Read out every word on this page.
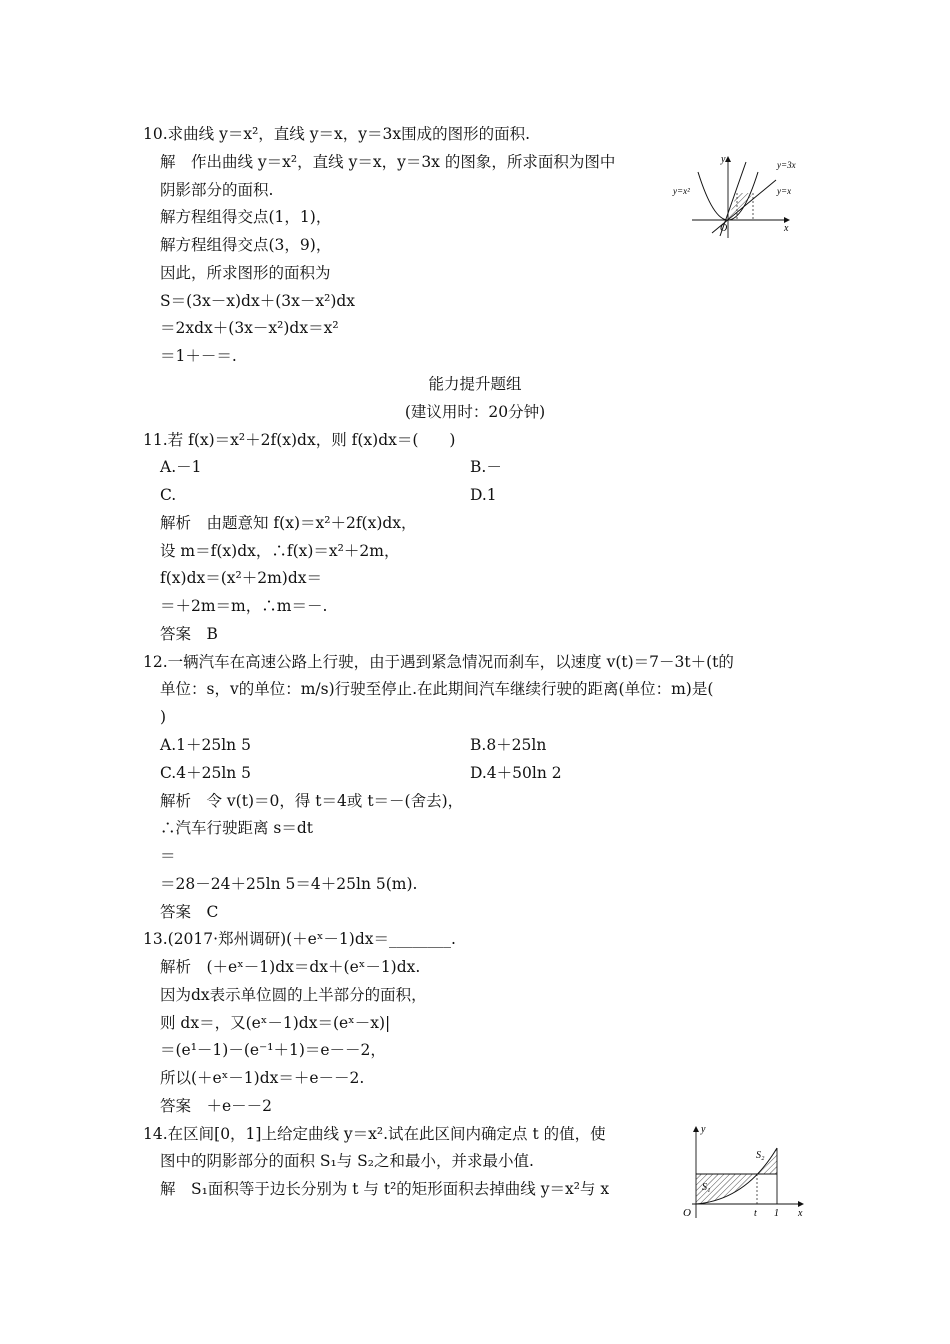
10.求曲线 y＝x²，直线 y＝x，y＝3x围成的图形的面积.
解　作出曲线 y＝x²，直线 y＝x，y＝3x 的图象，所求面积为图中
阴影部分的面积.
解方程组得交点(1，1)，
解方程组得交点(3，9)，
因此，所求图形的面积为
S＝(3x－x)dx＋(3x－x²)dx
＝2xdx＋(3x－x²)dx＝x²
＝1＋－＝.
y
x
O
y=3x
y=x
y=x²
能力提升题组
(建议用时：20分钟)
11.若 f(x)＝x²＋2f(x)dx，则 f(x)dx＝(　　)
A.－1	B.－
C.	D.1
解析　由题意知 f(x)＝x²＋2f(x)dx，
设 m＝f(x)dx，∴f(x)＝x²＋2m，
f(x)dx＝(x²＋2m)dx＝
＝＋2m＝m，∴m＝－.
答案　B
12.一辆汽车在高速公路上行驶，由于遇到紧急情况而刹车，以速度 v(t)＝7－3t＋(t的
单位：s，v的单位：m/s)行驶至停止.在此期间汽车继续行驶的距离(单位：m)是(
)
A.1＋25ln 5	B.8＋25ln
C.4＋25ln 5	D.4＋50ln 2
解析　令 v(t)＝0，得 t＝4或 t＝－(舍去)，
∴汽车行驶距离 s＝dt
＝
＝28－24＋25ln 5＝4＋25ln 5(m).
答案　C
13.(2017·郑州调研)(＋eˣ－1)dx＝________.
解析　(＋eˣ－1)dx＝dx＋(eˣ－1)dx.
因为dx表示单位圆的上半部分的面积，
则 dx＝，又(eˣ－1)dx＝(eˣ－x)|
＝(e¹－1)－(e⁻¹＋1)＝e－－2，
所以(＋eˣ－1)dx＝＋e－－2.
答案　＋e－－2
14.在区间[0，1]上给定曲线 y＝x².试在此区间内确定点 t 的值，使
图中的阴影部分的面积 S₁与 S₂之和最小，并求最小值.
解　S₁面积等于边长分别为 t 与 t²的矩形面积去掉曲线 y＝x²与 x
y
x
O
S₁
S₂
t 1
